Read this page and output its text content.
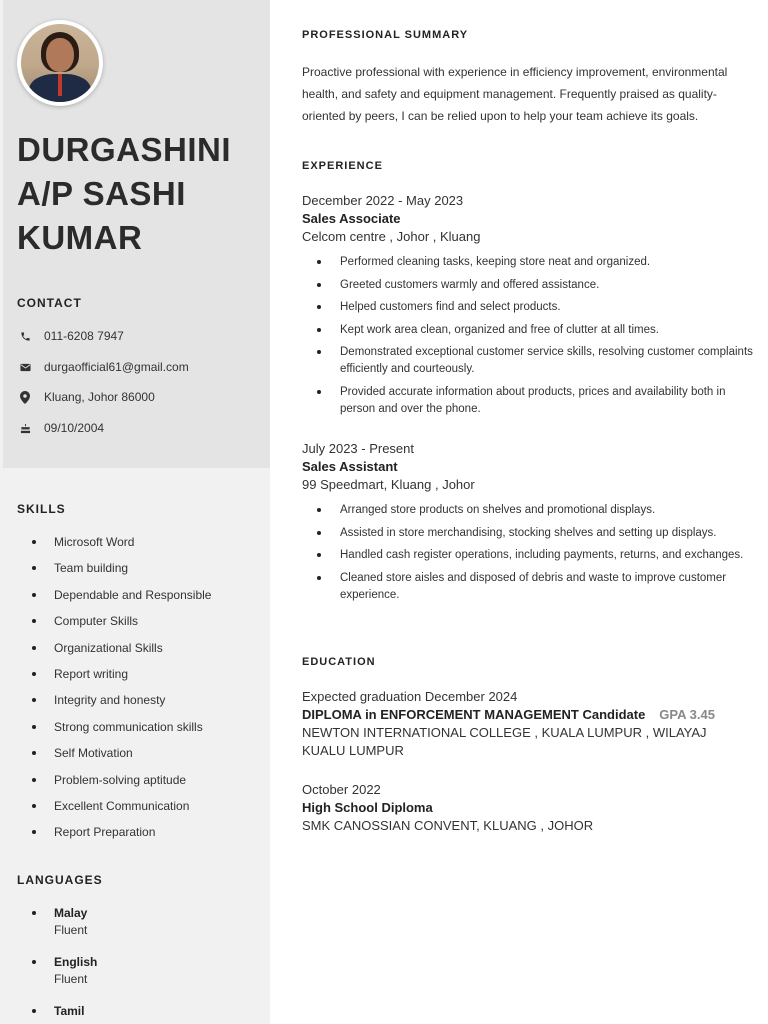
DURGASHINI
A/P SASHI
KUMAR
CONTACT
011-6208 7947
durgaofficial61@gmail.com
Kluang, Johor 86000
09/10/2004
SKILLS
Microsoft Word
Team building
Dependable and Responsible
Computer Skills
Organizational Skills
Report writing
Integrity and honesty
Strong communication skills
Self Motivation
Problem-solving aptitude
Excellent Communication
Report Preparation
LANGUAGES
Malay
Fluent
English
Fluent
Tamil
PROFESSIONAL SUMMARY

Proactive professional with experience in efficiency improvement, environmental health, and safety and equipment management. Frequently praised as quality-oriented by peers, I can be relied upon to help your team achieve its goals.

EXPERIENCE
December 2022 - May 2023
Sales Associate
Celcom centre , Johor , Kluang
Performed cleaning tasks, keeping store neat and organized.
Greeted customers warmly and offered assistance.
Helped customers find and select products.
Kept work area clean, organized and free of clutter at all times.
Demonstrated exceptional customer service skills, resolving customer complaints efficiently and courteously.
Provided accurate information about products, prices and availability both in person and over the phone.
July 2023 - Present
Sales Assistant
99 Speedmart, Kluang , Johor
Arranged store products on shelves and promotional displays.
Assisted in store merchandising, stocking shelves and setting up displays.
Handled cash register operations, including payments, returns, and exchanges.
Cleaned store aisles and disposed of debris and waste to improve customer experience.
EDUCATION
Expected graduation December 2024
DIPLOMA in ENFORCEMENT MANAGEMENT Candidate GPA 3.45
NEWTON INTERNATIONAL COLLEGE , KUALA LUMPUR , WILAYAJ KUALU LUMPUR
October 2022
High School Diploma
SMK CANOSSIAN CONVENT, KLUANG , JOHOR
